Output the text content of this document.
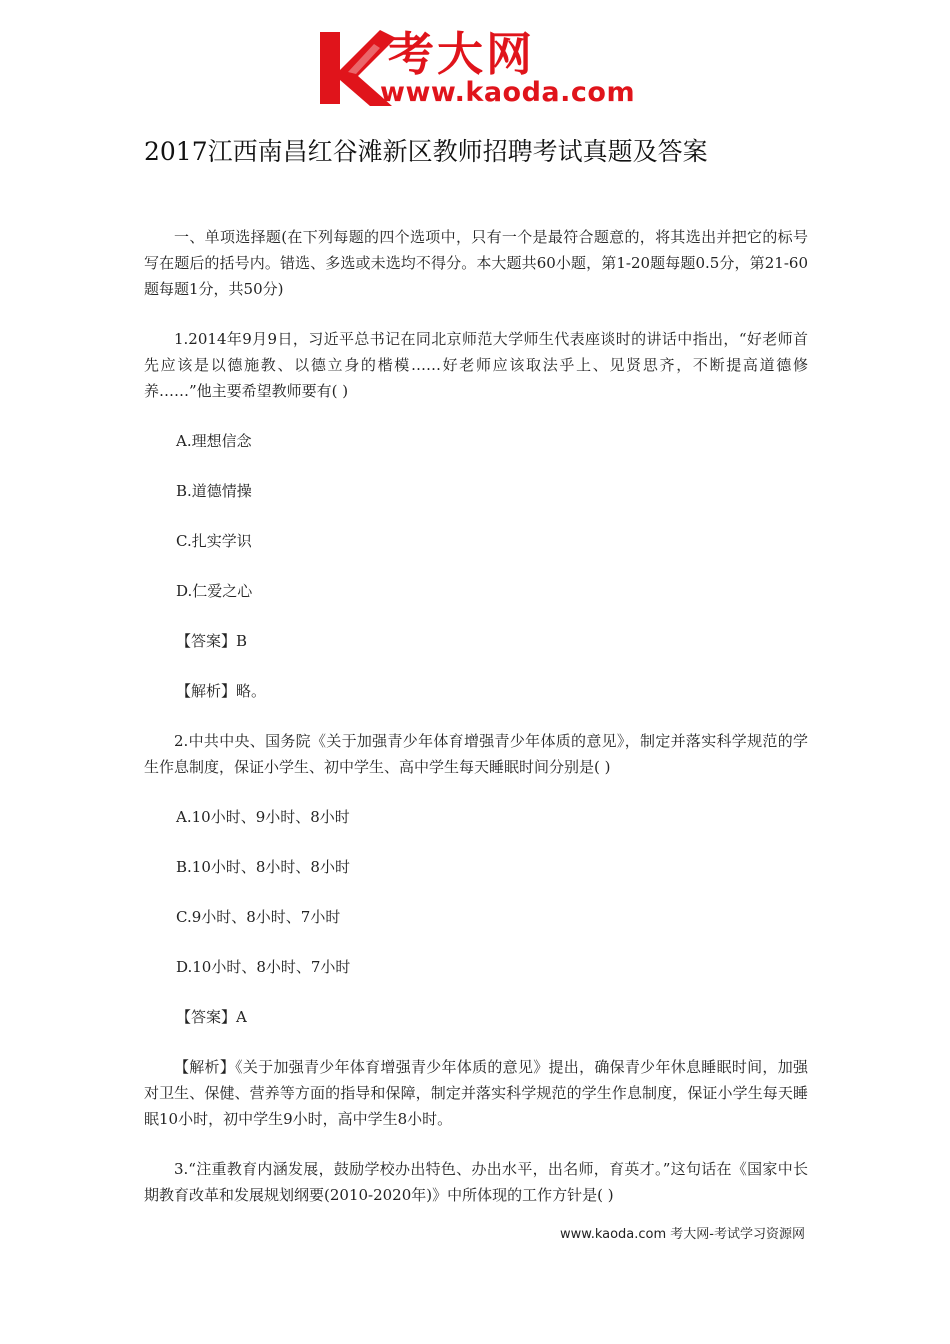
考大网
www.kaoda.com
2017江西南昌红谷滩新区教师招聘考试真题及答案

一、单项选择题(在下列每题的四个选项中，只有一个是最符合题意的，将其选出并把它的标号写在题后的括号内。错选、多选或未选均不得分。本大题共60小题，第1-20题每题0.5分，第21-60题每题1分，共50分)

1.2014年9月9日，习近平总书记在同北京师范大学师生代表座谈时的讲话中指出，“好老师首先应该是以德施教、以德立身的楷模……好老师应该取法乎上、见贤思齐，不断提高道德修养……”他主要希望教师要有( )

A.理想信念

B.道德情操

C.扎实学识

D.仁爱之心

【答案】B

【解析】略。

2.中共中央、国务院《关于加强青少年体育增强青少年体质的意见》，制定并落实科学规范的学生作息制度，保证小学生、初中学生、高中学生每天睡眠时间分别是( )

A.10小时、9小时、8小时

B.10小时、8小时、8小时

C.9小时、8小时、7小时

D.10小时、8小时、7小时

【答案】A

【解析】《关于加强青少年体育增强青少年体质的意见》提出，确保青少年休息睡眠时间，加强对卫生、保健、营养等方面的指导和保障，制定并落实科学规范的学生作息制度，保证小学生每天睡眠10小时，初中学生9小时，高中学生8小时。

3.“注重教育内涵发展，鼓励学校办出特色、办出水平，出名师，育英才。”这句话在《国家中长期教育改革和发展规划纲要(2010-2020年)》中所体现的工作方针是( )

www.kaoda.com 考大网-考试学习资源网
